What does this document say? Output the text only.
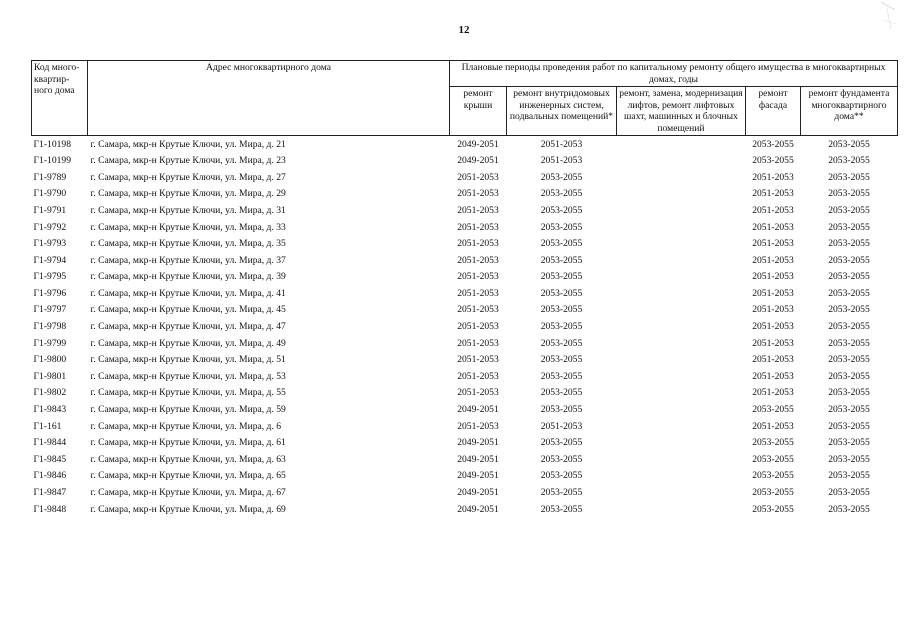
12
Код много-квартир-ного дома	Адрес многоквартирного дома	Плановые периоды проведения работ по капитальному ремонту общего имущества в многоквартирных домах, годы				
		ремонт крыши	ремонт внутридомовых инженерных систем, подвальных помещений*	ремонт, замена, модернизация лифтов, ремонт лифтовых шахт, машинных и блочных помещений	ремонт фасада	ремонт фундамента многоквартирного дома**
Г1-10198	г. Самара, мкр-н Крутые Ключи, ул. Мира, д. 21	2049-2051	2051-2053		2053-2055	2053-2055
Г1-10199	г. Самара, мкр-н Крутые Ключи, ул. Мира, д. 23	2049-2051	2051-2053		2053-2055	2053-2055
Г1-9789	г. Самара, мкр-н Крутые Ключи, ул. Мира, д. 27	2051-2053	2053-2055		2051-2053	2053-2055
Г1-9790	г. Самара, мкр-н Крутые Ключи, ул. Мира, д. 29	2051-2053	2053-2055		2051-2053	2053-2055
Г1-9791	г. Самара, мкр-н Крутые Ключи, ул. Мира, д. 31	2051-2053	2053-2055		2051-2053	2053-2055
Г1-9792	г. Самара, мкр-н Крутые Ключи, ул. Мира, д. 33	2051-2053	2053-2055		2051-2053	2053-2055
Г1-9793	г. Самара, мкр-н Крутые Ключи, ул. Мира, д. 35	2051-2053	2053-2055		2051-2053	2053-2055
Г1-9794	г. Самара, мкр-н Крутые Ключи, ул. Мира, д. 37	2051-2053	2053-2055		2051-2053	2053-2055
Г1-9795	г. Самара, мкр-н Крутые Ключи, ул. Мира, д. 39	2051-2053	2053-2055		2051-2053	2053-2055
Г1-9796	г. Самара, мкр-н Крутые Ключи, ул. Мира, д. 41	2051-2053	2053-2055		2051-2053	2053-2055
Г1-9797	г. Самара, мкр-н Крутые Ключи, ул. Мира, д. 45	2051-2053	2053-2055		2051-2053	2053-2055
Г1-9798	г. Самара, мкр-н Крутые Ключи, ул. Мира, д. 47	2051-2053	2053-2055		2051-2053	2053-2055
Г1-9799	г. Самара, мкр-н Крутые Ключи, ул. Мира, д. 49	2051-2053	2053-2055		2051-2053	2053-2055
Г1-9800	г. Самара, мкр-н Крутые Ключи, ул. Мира, д. 51	2051-2053	2053-2055		2051-2053	2053-2055
Г1-9801	г. Самара, мкр-н Крутые Ключи, ул. Мира, д. 53	2051-2053	2053-2055		2051-2053	2053-2055
Г1-9802	г. Самара, мкр-н Крутые Ключи, ул. Мира, д. 55	2051-2053	2053-2055		2051-2053	2053-2055
Г1-9843	г. Самара, мкр-н Крутые Ключи, ул. Мира, д. 59	2049-2051	2053-2055		2053-2055	2053-2055
Г1-161	г. Самара, мкр-н Крутые Ключи, ул. Мира, д. 6	2051-2053	2051-2053		2051-2053	2053-2055
Г1-9844	г. Самара, мкр-н Крутые Ключи, ул. Мира, д. 61	2049-2051	2053-2055		2053-2055	2053-2055
Г1-9845	г. Самара, мкр-н Крутые Ключи, ул. Мира, д. 63	2049-2051	2053-2055		2053-2055	2053-2055
Г1-9846	г. Самара, мкр-н Крутые Ключи, ул. Мира, д. 65	2049-2051	2053-2055		2053-2055	2053-2055
Г1-9847	г. Самара, мкр-н Крутые Ключи, ул. Мира, д. 67	2049-2051	2053-2055		2053-2055	2053-2055
Г1-9848	г. Самара, мкр-н Крутые Ключи, ул. Мира, д. 69	2049-2051	2053-2055		2053-2055	2053-2055
